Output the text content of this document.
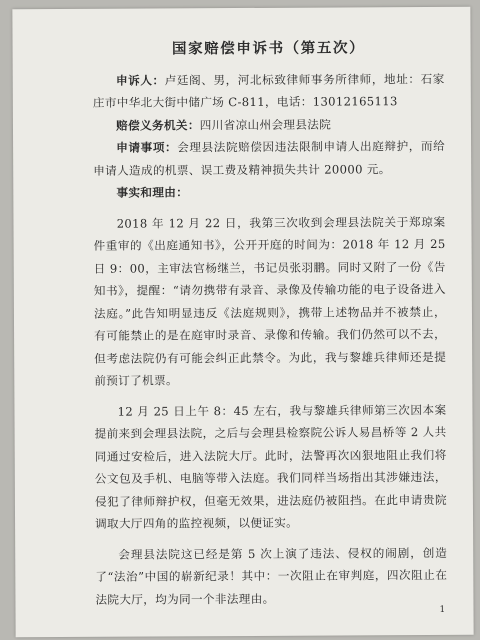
国家赔偿申诉书（第五次）
申诉人：卢廷阁、男，河北标致律师事务所律师，地址：石家庄市中华北大街中储广场 C-811，电话：13012165113
赔偿义务机关：四川省凉山州会理县法院
申请事项：会理县法院赔偿因违法限制申请人出庭辩护，而给申请人造成的机票、误工费及精神损失共计 20000 元。
事实和理由：
2018 年 12 月 22 日，我第三次收到会理县法院关于郑琼案件重审的《出庭通知书》，公开开庭的时间为：2018 年 12 月 25 日 9：00，主审法官杨继兰，书记员张羽鹏。同时又附了一份《告知书》，提醒：“请勿携带有录音、录像及传输功能的电子设备进入法庭。”此告知明显违反《法庭规则》，携带上述物品并不被禁止，有可能禁止的是在庭审时录音、录像和传输。我们仍然可以不去，但考虑法院仍有可能会纠正此禁令。为此，我与黎雄兵律师还是提前预订了机票。
12 月 25 日上午 8：45 左右，我与黎雄兵律师第三次因本案提前来到会理县法院，之后与会理县检察院公诉人易昌桥等 2 人共同通过安检后，进入法院大厅。此时，法警再次凶狠地阻止我们将公文包及手机、电脑等带入法庭。我们同样当场指出其涉嫌违法，侵犯了律师辩护权，但毫无效果，进法庭仍被阻挡。在此申请贵院调取大厅四角的监控视频，以便证实。
会理县法院这已经是第 5 次上演了违法、侵权的闹剧，创造了“法治”中国的崭新纪录！其中：一次阻止在审判庭，四次阻止在法院大厅，均为同一个非法理由。
1
